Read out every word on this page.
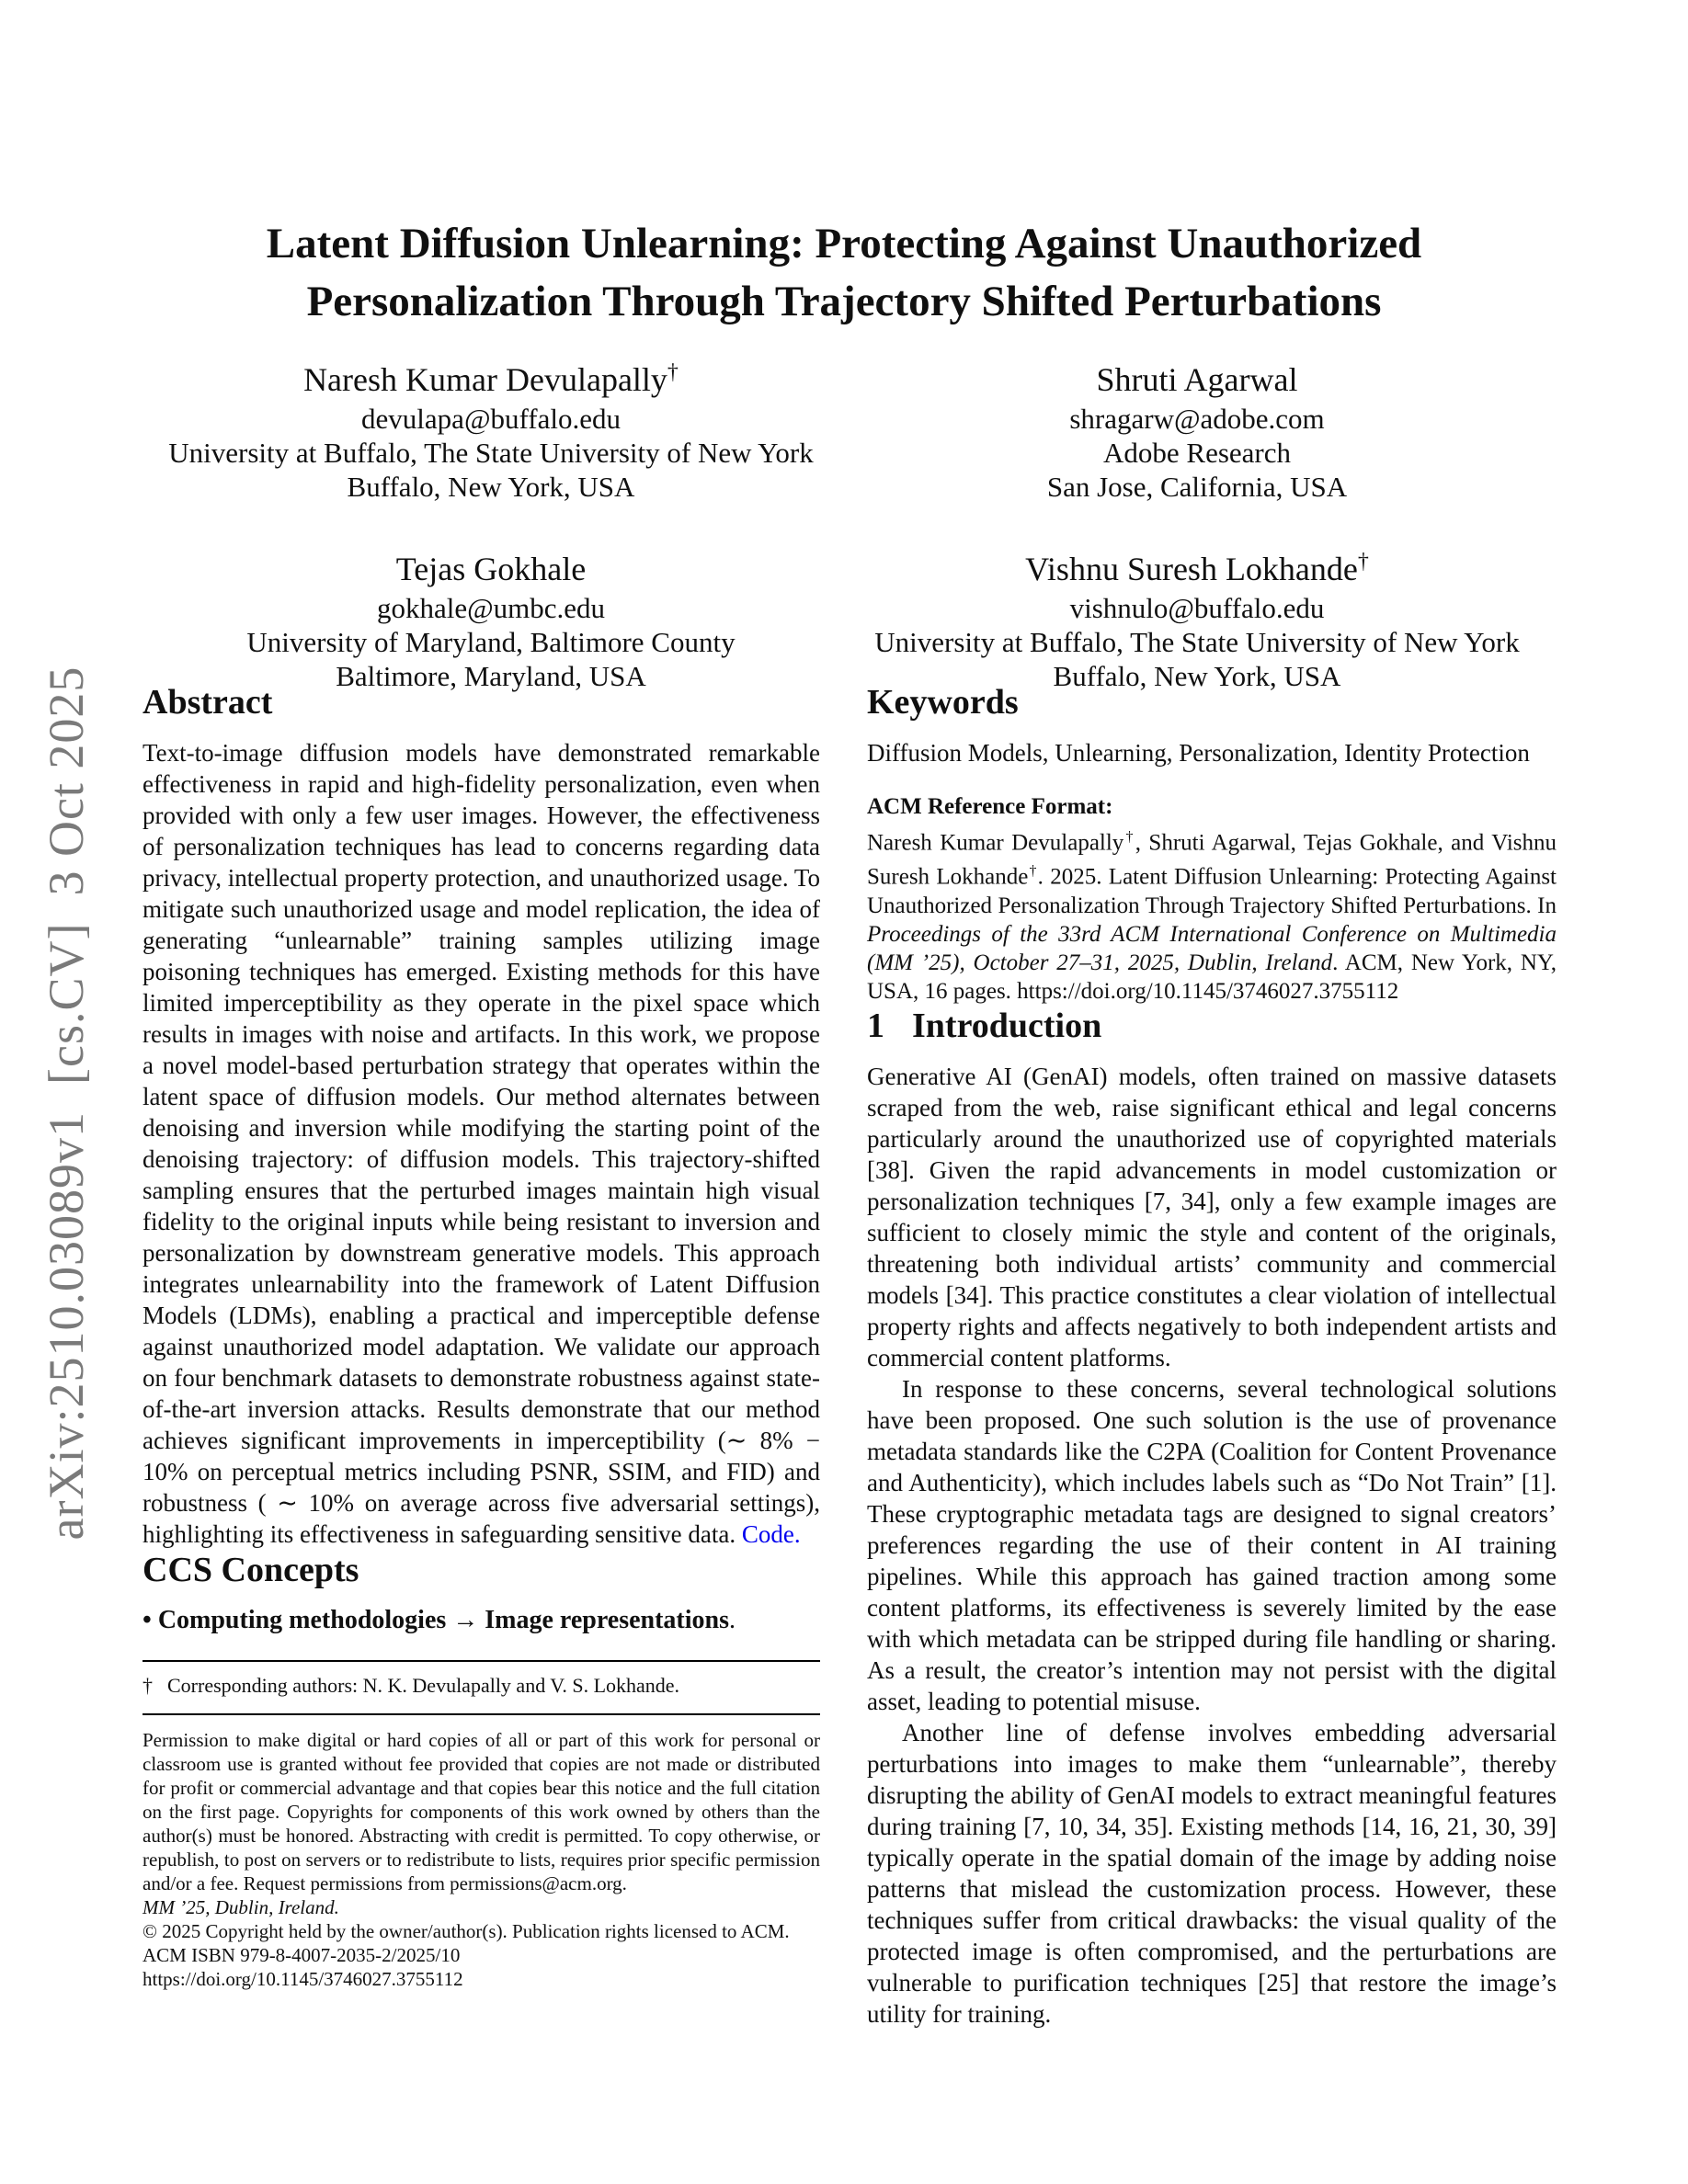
arXiv:2510.03089v1  [cs.CV]  3 Oct 2025
Latent Diffusion Unlearning: Protecting Against Unauthorized Personalization Through Trajectory Shifted Perturbations
Naresh Kumar Devulapally†
devulapa@buffalo.edu
University at Buffalo, The State University of New York
Buffalo, New York, USA
Shruti Agarwal
shragarw@adobe.com
Adobe Research
San Jose, California, USA
Tejas Gokhale
gokhale@umbc.edu
University of Maryland, Baltimore County
Baltimore, Maryland, USA
Vishnu Suresh Lokhande†
vishnulo@buffalo.edu
University at Buffalo, The State University of New York
Buffalo, New York, USA
Abstract

Text-to-image diffusion models have demonstrated remarkable effectiveness in rapid and high-fidelity personalization, even when provided with only a few user images. However, the effectiveness of personalization techniques has lead to concerns regarding data privacy, intellectual property protection, and unauthorized usage. To mitigate such unauthorized usage and model replication, the idea of generating “unlearnable” training samples utilizing image poisoning techniques has emerged. Existing methods for this have limited imperceptibility as they operate in the pixel space which results in images with noise and artifacts. In this work, we propose a novel model-based perturbation strategy that operates within the latent space of diffusion models. Our method alternates between denoising and inversion while modifying the starting point of the denoising trajectory: of diffusion models. This trajectory-shifted sampling ensures that the perturbed images maintain high visual fidelity to the original inputs while being resistant to inversion and personalization by downstream generative models. This approach integrates unlearnability into the framework of Latent Diffusion Models (LDMs), enabling a practical and imperceptible defense against unauthorized model adaptation. We validate our approach on four benchmark datasets to demonstrate robustness against state-of-the-art inversion attacks. Results demonstrate that our method achieves significant improvements in imperceptibility (∼ 8% − 10% on perceptual metrics including PSNR, SSIM, and FID) and robustness ( ∼ 10% on average across five adversarial settings), highlighting its effectiveness in safeguarding sensitive data. Code.

CCS Concepts

• Computing methodologies → Image representations.

† Corresponding authors: N. K. Devulapally and V. S. Lokhande.

Permission to make digital or hard copies of all or part of this work for personal or classroom use is granted without fee provided that copies are not made or distributed for profit or commercial advantage and that copies bear this notice and the full citation on the first page. Copyrights for components of this work owned by others than the author(s) must be honored. Abstracting with credit is permitted. To copy otherwise, or republish, to post on servers or to redistribute to lists, requires prior specific permission and/or a fee. Request permissions from permissions@acm.org.

MM ’25, Dublin, Ireland.

© 2025 Copyright held by the owner/author(s). Publication rights licensed to ACM.

ACM ISBN 979-8-4007-2035-2/2025/10

https://doi.org/10.1145/3746027.3755112

Keywords

Diffusion Models, Unlearning, Personalization, Identity Protection

ACM Reference Format:

Naresh Kumar Devulapally†, Shruti Agarwal, Tejas Gokhale, and Vishnu Suresh Lokhande†. 2025. Latent Diffusion Unlearning: Protecting Against Unauthorized Personalization Through Trajectory Shifted Perturbations. In Proceedings of the 33rd ACM International Conference on Multimedia (MM ’25), October 27–31, 2025, Dublin, Ireland. ACM, New York, NY, USA, 16 pages. https://doi.org/10.1145/3746027.3755112

1 Introduction

Generative AI (GenAI) models, often trained on massive datasets scraped from the web, raise significant ethical and legal concerns particularly around the unauthorized use of copyrighted materials [38]. Given the rapid advancements in model customization or personalization techniques [7, 34], only a few example images are sufficient to closely mimic the style and content of the originals, threatening both individual artists’ community and commercial models [34]. This practice constitutes a clear violation of intellectual property rights and affects negatively to both independent artists and commercial content platforms.

In response to these concerns, several technological solutions have been proposed. One such solution is the use of provenance metadata standards like the C2PA (Coalition for Content Provenance and Authenticity), which includes labels such as “Do Not Train” [1]. These cryptographic metadata tags are designed to signal creators’ preferences regarding the use of their content in AI training pipelines. While this approach has gained traction among some content platforms, its effectiveness is severely limited by the ease with which metadata can be stripped during file handling or sharing. As a result, the creator’s intention may not persist with the digital asset, leading to potential misuse.

Another line of defense involves embedding adversarial perturbations into images to make them “unlearnable”, thereby disrupting the ability of GenAI models to extract meaningful features during training [7, 10, 34, 35]. Existing methods [14, 16, 21, 30, 39] typically operate in the spatial domain of the image by adding noise patterns that mislead the customization process. However, these techniques suffer from critical drawbacks: the visual quality of the protected image is often compromised, and the perturbations are vulnerable to purification techniques [25] that restore the image’s utility for training.
